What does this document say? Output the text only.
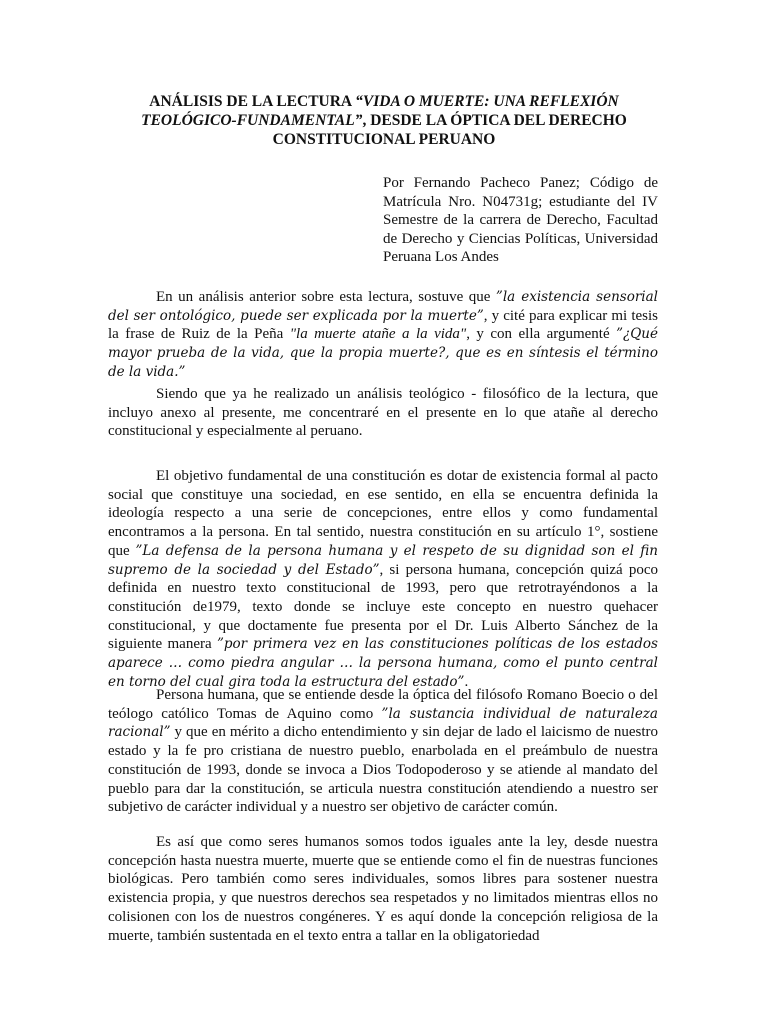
ANÁLISIS DE LA LECTURA “VIDA O MUERTE: UNA REFLEXIÓN TEOLÓGICO-FUNDAMENTAL”, DESDE LA ÓPTICA DEL DERECHO CONSTITUCIONAL PERUANO
Por Fernando Pacheco Panez; Código de Matrícula Nro. N04731g; estudiante del IV Semestre de la carrera de Derecho, Facultad de Derecho y Ciencias Políticas, Universidad Peruana Los Andes

En un análisis anterior sobre esta lectura, sostuve que ”la existencia sensorial del ser ontológico, puede ser explicada por la muerte”, y cité para explicar mi tesis la frase de Ruiz de la Peña "la muerte atañe a la vida", y con ella argumenté ”¿Qué mayor prueba de la vida, que la propia muerte?, que es en síntesis el término de la vida.”

Siendo que ya he realizado un análisis teológico - filosófico de la lectura, que incluyo anexo al presente, me concentraré en el presente en lo que atañe al derecho constitucional y especialmente al peruano.

El objetivo fundamental de una constitución es dotar de existencia formal al pacto social que constituye una sociedad, en ese sentido, en ella se encuentra definida la ideología respecto a una serie de concepciones, entre ellos y como fundamental encontramos a la persona. En tal sentido, nuestra constitución en su artículo 1°, sostiene que ”La defensa de la persona humana y el respeto de su dignidad son el fin supremo de la sociedad y del Estado”, si persona humana, concepción quizá poco definida en nuestro texto constitucional de 1993, pero que retrotrayéndonos a la constitución de1979, texto donde se incluye este concepto en nuestro quehacer constitucional, y que doctamente fue presenta por el Dr. Luis Alberto Sánchez de la siguiente manera ”por primera vez en las constituciones políticas de los estados aparece … como piedra angular … la persona humana, como el punto central en torno del cual gira toda la estructura del estado”.

Persona humana, que se entiende desde la óptica del filósofo Romano Boecio o del teólogo católico Tomas de Aquino como ”la sustancia individual de naturaleza racional” y que en mérito a dicho entendimiento y sin dejar de lado el laicismo de nuestro estado y la fe pro cristiana de nuestro pueblo, enarbolada en el preámbulo de nuestra constitución de 1993, donde se invoca a Dios Todopoderoso y se atiende al mandato del pueblo para dar la constitución, se articula nuestra constitución atendiendo a nuestro ser subjetivo de carácter individual y a nuestro ser objetivo de carácter común.

Es así que como seres humanos somos todos iguales ante la ley, desde nuestra concepción hasta nuestra muerte, muerte que se entiende como el fin de nuestras funciones biológicas. Pero también como seres individuales, somos libres para sostener nuestra existencia propia, y que nuestros derechos sea respetados y no limitados mientras ellos no colisionen con los de nuestros congéneres. Y es aquí donde la concepción religiosa de la muerte, también sustentada en el texto entra a tallar en la obligatoriedad
